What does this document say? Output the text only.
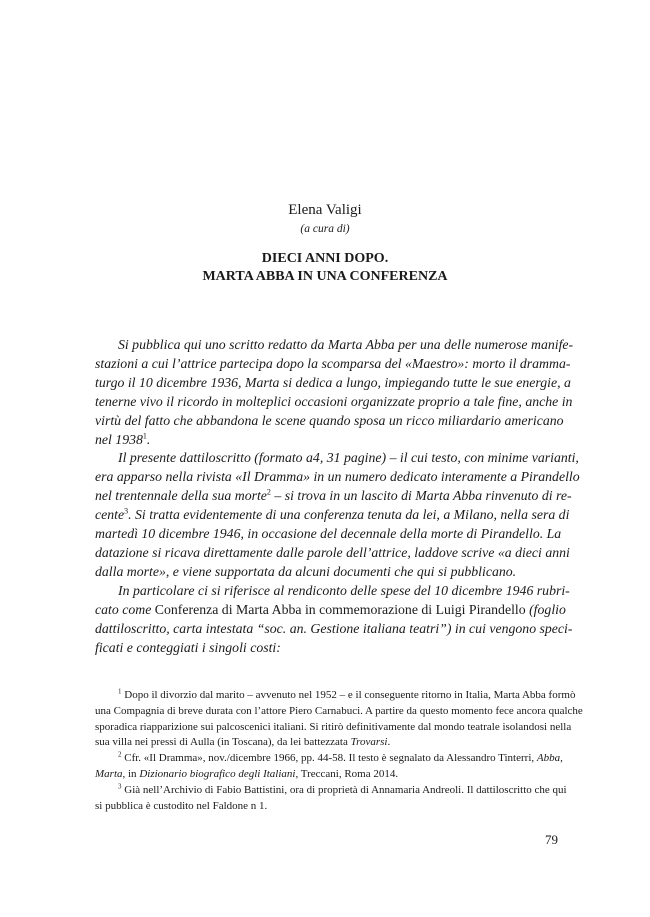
Elena Valigi
(a cura di)
DIECI ANNI DOPO.
MARTA ABBA IN UNA CONFERENZA
Si pubblica qui uno scritto redatto da Marta Abba per una delle numerose manife-
stazioni a cui l’attrice partecipa dopo la scomparsa del «Maestro»: morto il dramma-
turgo il 10 dicembre 1936, Marta si dedica a lungo, impiegando tutte le sue energie, a
tenerne vivo il ricordo in molteplici occasioni organizzate proprio a tale fine, anche in
virtù del fatto che abbandona le scene quando sposa un ricco miliardario americano
nel 1938$^1$.
Il presente dattiloscritto (formato a4, 31 pagine) – il cui testo, con minime varianti,
era apparso nella rivista «Il Dramma» in un numero dedicato interamente a Pirandello
nel trentennale della sua morte$^2$ – si trova in un lascito di Marta Abba rinvenuto di re-
cente$^3$. Si tratta evidentemente di una conferenza tenuta da lei, a Milano, nella sera di
martedì 10 dicembre 1946, in occasione del decennale della morte di Pirandello. La
datazione si ricava direttamente dalle parole dell’attrice, laddove scrive «a dieci anni
dalla morte», e viene supportata da alcuni documenti che qui si pubblicano.
In particolare ci si riferisce al rendiconto delle spese del 10 dicembre 1946 rubri-
cato come Conferenza di Marta Abba in commemorazione di Luigi Pirandello (foglio
dattiloscritto, carta intestata “soc. an. Gestione italiana teatri”) in cui vengono speci-
ficati e conteggiati i singoli costi:
$^1$ Dopo il divorzio dal marito – avvenuto nel 1952 – e il conseguente ritorno in Italia, Marta Abba formò
una Compagnia di breve durata con l’attore Piero Carnabuci. A partire da questo momento fece ancora qualche
sporadica riapparizione sui palcoscenici italiani. Si ritirò definitivamente dal mondo teatrale isolandosi nella
sua villa nei pressi di Aulla (in Toscana), da lei battezzata Trovarsi.
$^2$ Cfr. «Il Dramma», nov./dicembre 1966, pp. 44-58. Il testo è segnalato da Alessandro Tinterri, Abba,
Marta, in Dizionario biografico degli Italiani, Treccani, Roma 2014.
$^3$ Già nell’Archivio di Fabio Battistini, ora di proprietà di Annamaria Andreoli. Il dattiloscritto che qui
si pubblica è custodito nel Faldone n 1.
79
